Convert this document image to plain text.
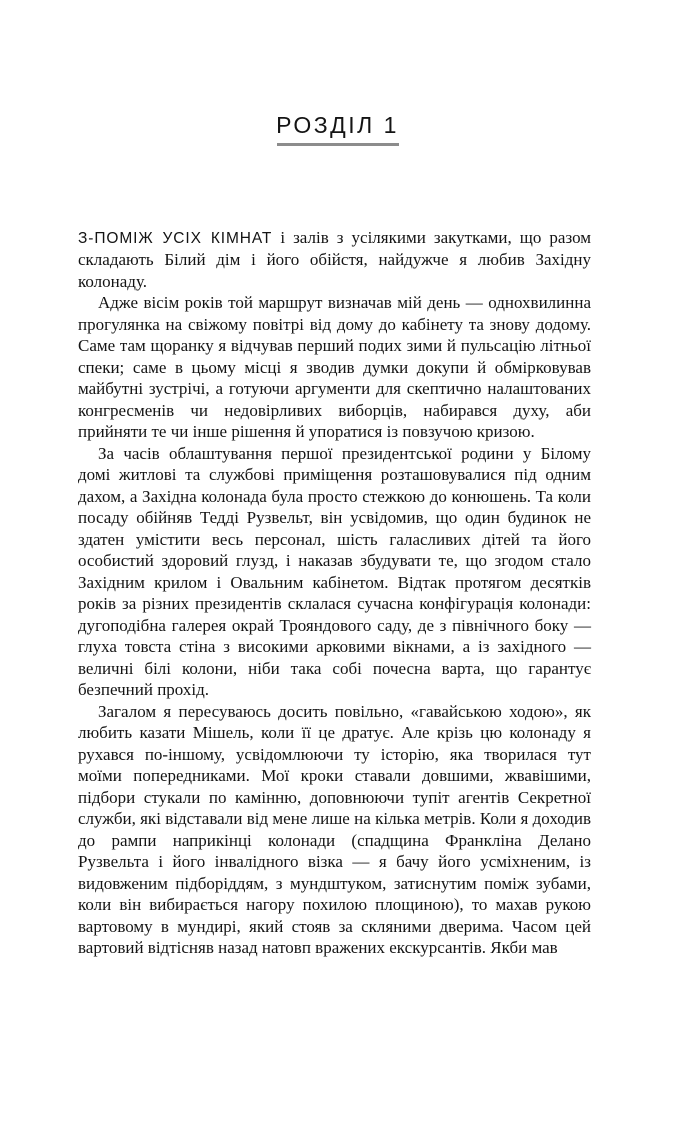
РОЗДІЛ 1

З-ПОМІЖ УСІХ КІМНАТ і залів з усілякими закутками, що разом складають Білий дім і його обійстя, найдужче я любив Західну колонаду.

Адже вісім років той маршрут визначав мій день — однохвилинна прогулянка на свіжому повітрі від дому до кабінету та знову додому. Саме там щоранку я відчував перший подих зими й пульсацію літньої спеки; саме в цьому місці я зводив думки докупи й обмірковував майбутні зустрічі, а готуючи аргументи для скептично налаштованих конгресменів чи недовірливих виборців, набирався духу, аби прийняти те чи інше рішення й упоратися із повзучою кризою.

За часів облаштування першої президентської родини у Білому домі житлові та службові приміщення розташовувалися під одним дахом, а Західна колонада була просто стежкою до конюшень. Та коли посаду обійняв Тедді Рузвельт, він усвідомив, що один будинок не здатен умістити весь персонал, шість галасливих дітей та його особистий здоровий глузд, і наказав збудувати те, що згодом стало Західним крилом і Овальним кабінетом. Відтак протягом десятків років за різних президентів склалася сучасна конфігурація колонади: дугоподібна галерея окрай Трояндового саду, де з північного боку — глуха товста стіна з високими арковими вікнами, а із західного — величні білі колони, ніби така собі почесна варта, що гарантує безпечний прохід.

Загалом я пересуваюсь досить повільно, «гавайською ходою», як любить казати Мішель, коли її це дратує. Але крізь цю колонаду я рухався по-іншому, усвідомлюючи ту історію, яка творилася тут моїми попередниками. Мої кроки ставали довшими, жвавішими, підбори стукали по камінню, доповнюючи тупіт агентів Секретної служби, які відставали від мене лише на кілька метрів. Коли я доходив до рампи наприкінці колонади (спадщина Франкліна Делано Рузвельта і його інвалідного візка — я бачу його усміхненим, із видовженим підборіддям, з мундштуком, затиснутим поміж зубами, коли він вибирається нагору похилою площиною), то махав рукою вартовому в мундирі, який стояв за скляними дверима. Часом цей вартовий відтісняв назад натовп вражених екскурсантів. Якби мав
